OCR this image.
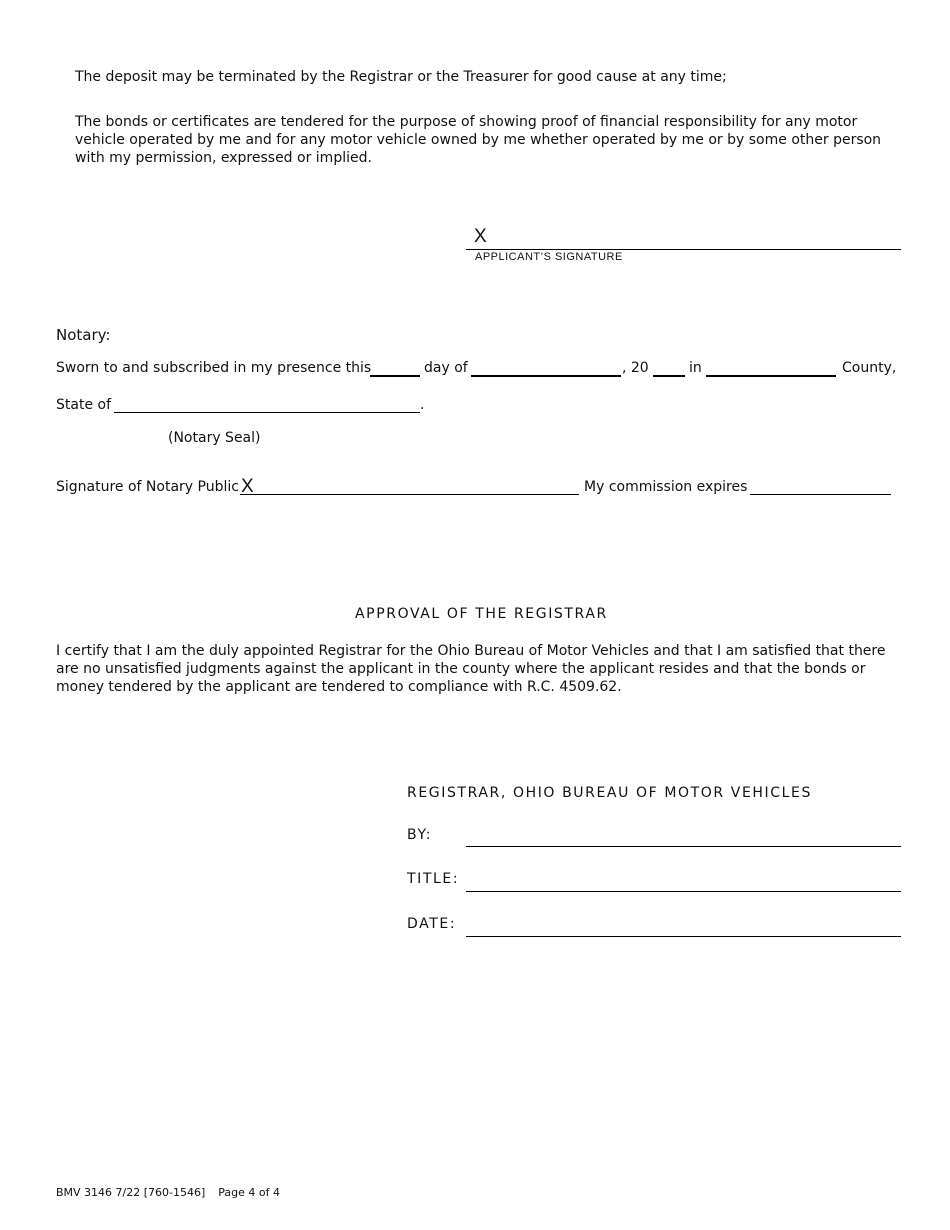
The deposit may be terminated by the Registrar or the Treasurer for good cause at any time;
The bonds or certificates are tendered for the purpose of showing proof of financial responsibility for any motor vehicle operated by me and for any motor vehicle owned by me whether operated by me or by some other person with my permission, expressed or implied.
X
APPLICANT’S SIGNATURE
Notary:
Sworn to and subscribed in my presence this	day of	, 20	in	County,
State of	.
(Notary Seal)
Signature of Notary Public X	My commission expires
APPROVAL OF THE REGISTRAR
I certify that I am the duly appointed Registrar for the Ohio Bureau of Motor Vehicles and that I am satisfied that there are no unsatisfied judgments against the applicant in the county where the applicant resides and that the bonds or money tendered by the applicant are tendered to compliance with R.C. 4509.62.
REGISTRAR, OHIO BUREAU OF MOTOR VEHICLES
BY:
TITLE:
DATE:
BMV 3146 7/22 [760-1546] Page 4 of 4
